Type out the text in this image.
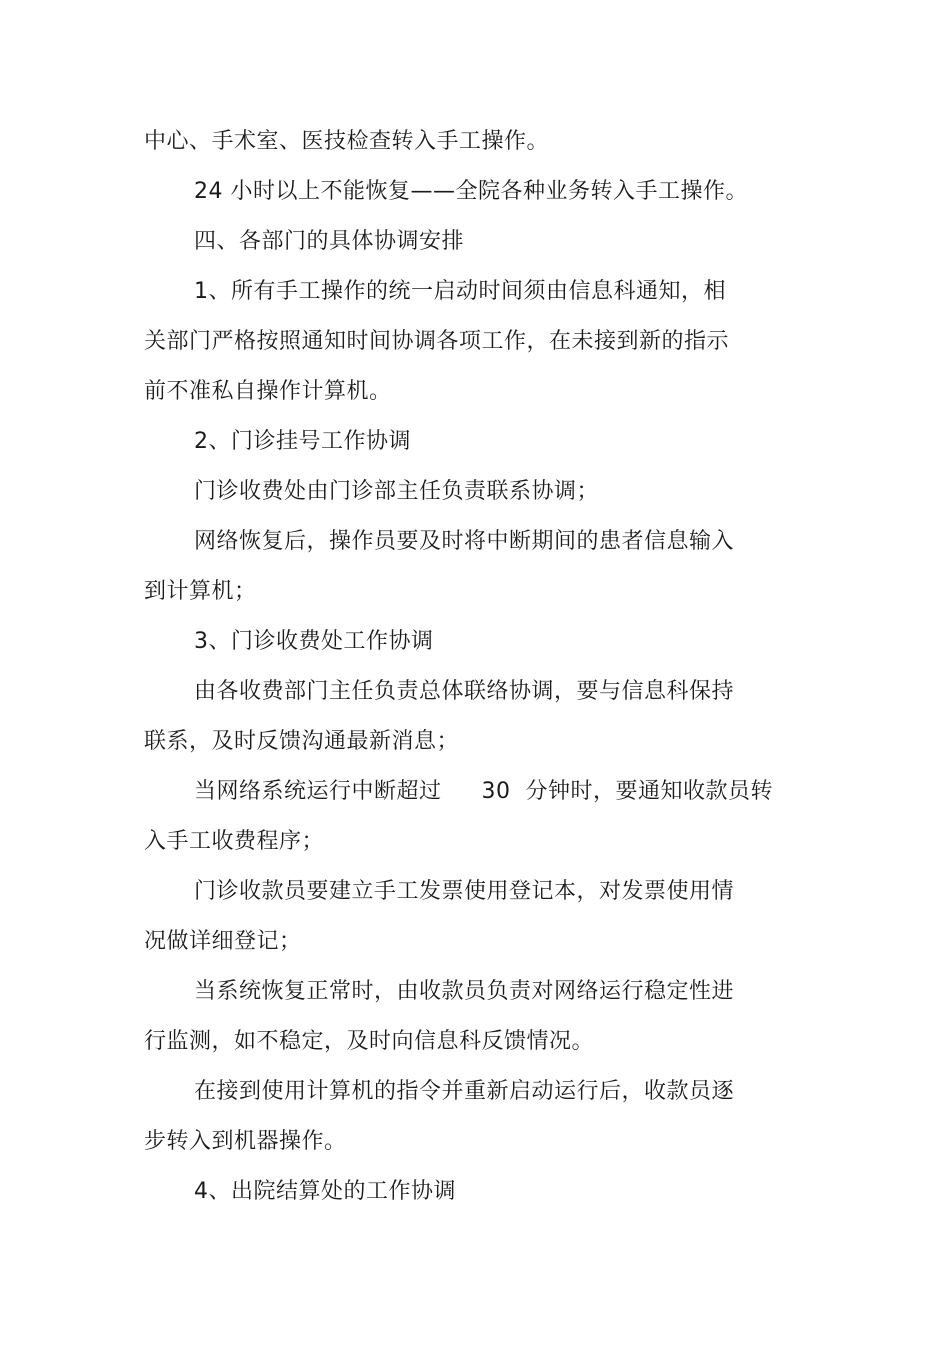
中心、手术室、医技检查转入手工操作。
24 小时以上不能恢复——全院各种业务转入手工操作。
四、各部门的具体协调安排
1、所有手工操作的统一启动时间须由信息科通知，相
关部门严格按照通知时间协调各项工作，在未接到新的指示
前不准私自操作计算机。
2、门诊挂号工作协调
门诊收费处由门诊部主任负责联系协调；
网络恢复后，操作员要及时将中断期间的患者信息输入
到计算机；
3、门诊收费处工作协调
由各收费部门主任负责总体联络协调，要与信息科保持
联系，及时反馈沟通最新消息；
当网络系统运行中断超过 30 分钟时，要通知收款员转
入手工收费程序；
门诊收款员要建立手工发票使用登记本，对发票使用情
况做详细登记；
当系统恢复正常时，由收款员负责对网络运行稳定性进
行监测，如不稳定，及时向信息科反馈情况。
在接到使用计算机的指令并重新启动运行后，收款员逐
步转入到机器操作。
4、出院结算处的工作协调
